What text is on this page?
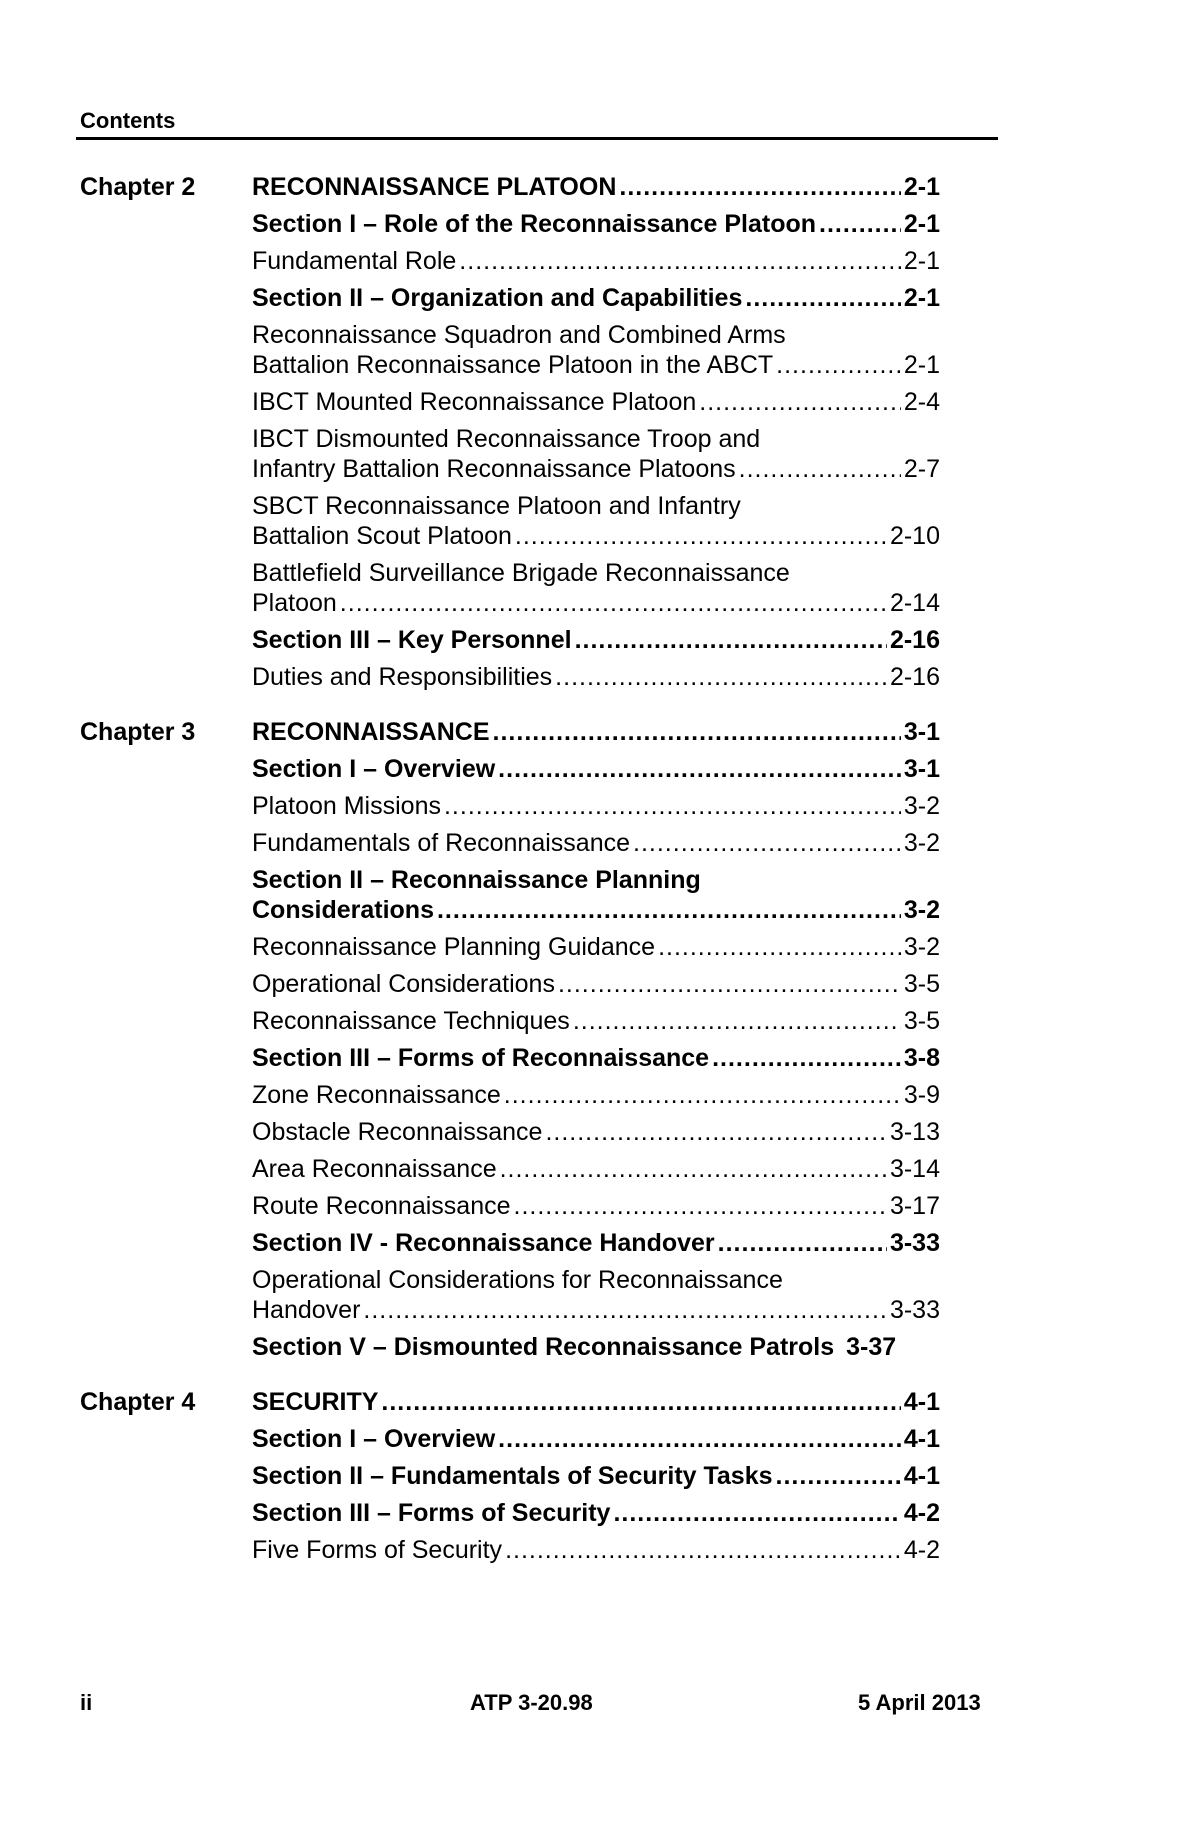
Contents
Chapter 2	RECONNAISSANCE PLATOON .....	2-1
Section I – Role of the Reconnaissance Platoon .....	2-1
Fundamental Role .....	2-1
Section II – Organization and Capabilities .....	2-1
Reconnaissance Squadron and Combined Arms
Battalion Reconnaissance Platoon in the ABCT .....	2-1
IBCT Mounted Reconnaissance Platoon .....	2-4
IBCT Dismounted Reconnaissance Troop and
Infantry Battalion Reconnaissance Platoons .....	2-7
SBCT Reconnaissance Platoon and Infantry
Battalion Scout Platoon .....	2-10
Battlefield Surveillance Brigade Reconnaissance
Platoon .....	2-14
Section III – Key Personnel .....	2-16
Duties and Responsibilities .....	2-16
Chapter 3	RECONNAISSANCE .....	3-1
Section I – Overview .....	3-1
Platoon Missions .....	3-2
Fundamentals of Reconnaissance .....	3-2
Section II – Reconnaissance Planning
Considerations .....	3-2
Reconnaissance Planning Guidance .....	3-2
Operational Considerations .....	3-5
Reconnaissance Techniques .....	3-5
Section III – Forms of Reconnaissance .....	3-8
Zone Reconnaissance .....	3-9
Obstacle Reconnaissance .....	3-13
Area Reconnaissance .....	3-14
Route Reconnaissance .....	3-17
Section IV - Reconnaissance Handover .....	3-33
Operational Considerations for Reconnaissance
Handover .....	3-33
Section V – Dismounted Reconnaissance Patrols 3-37
Chapter 4	SECURITY .....	4-1
Section I – Overview .....	4-1
Section II – Fundamentals of Security Tasks .....	4-1
Section III – Forms of Security .....	4-2
Five Forms of Security .....	4-2
ii	ATP 3-20.98	5 April 2013
